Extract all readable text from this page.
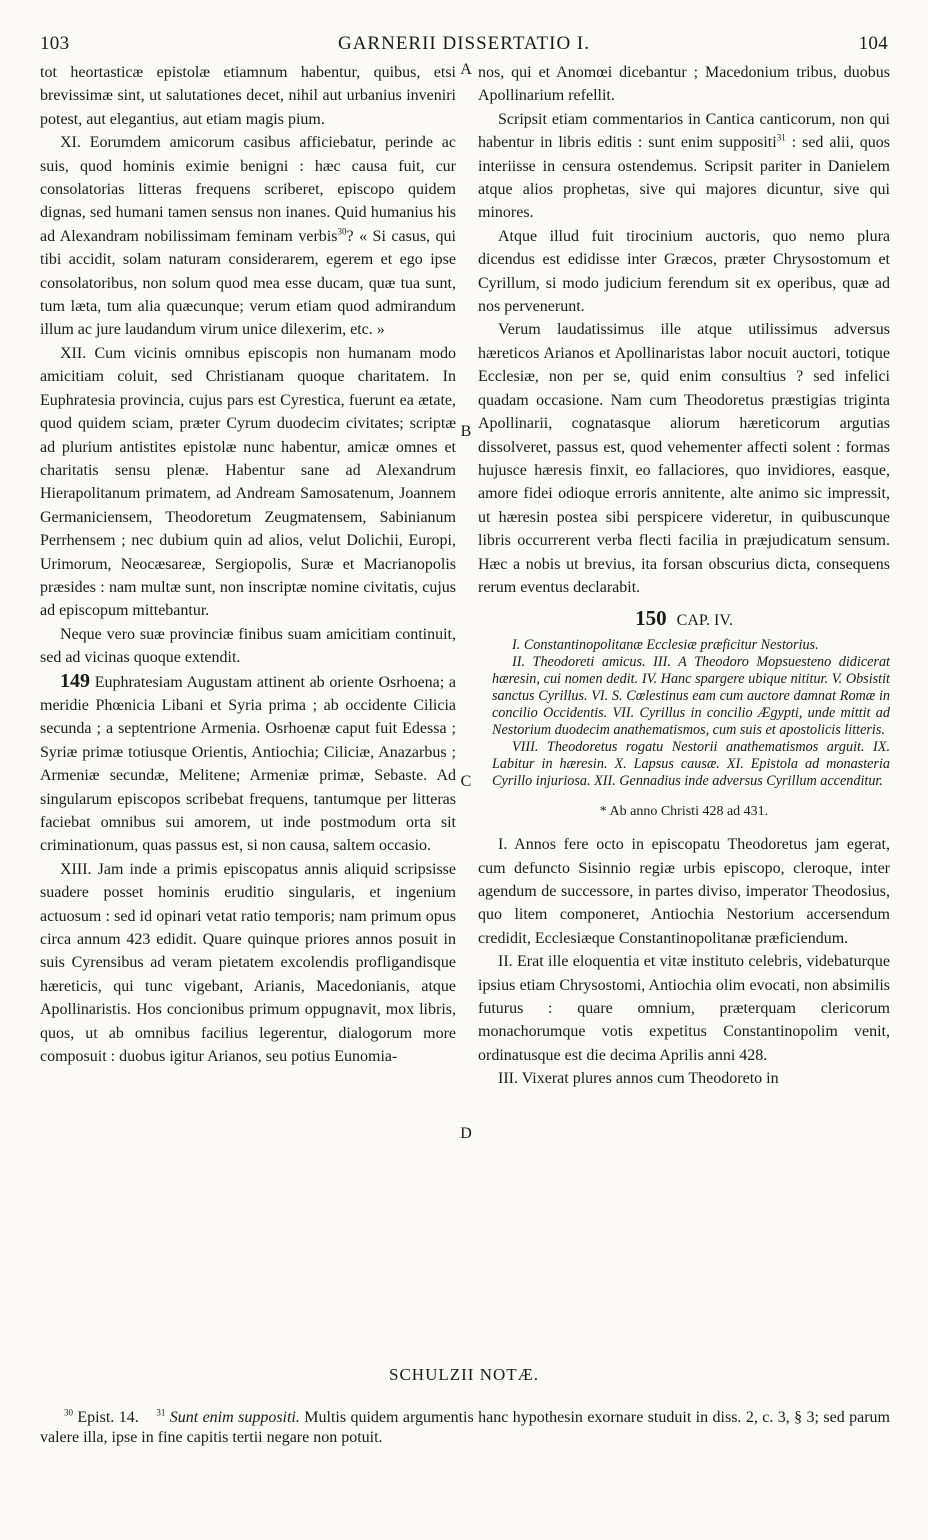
103	GARNERII DISSERTATIO I.	104

tot heortasticæ epistolæ etiamnum habentur, quibus, etsi brevissimæ sint, ut salutationes decet, nihil aut urbanius inveniri potest, aut elegantius, aut etiam magis pium.

XI. Eorumdem amicorum casibus afficiebatur, perinde ac suis, quod hominis eximie benigni : hæc causa fuit, cur consolatorias litteras frequens scriberet, episcopo quidem dignas, sed humani tamen sensus non inanes. Quid humanius his ad Alexandram nobilissimam feminam verbis$^{30}$? « Si casus, qui tibi accidit, solam naturam considerarem, egerem et ego ipse consolatoribus, non solum quod mea esse ducam, quæ tua sunt, tum læta, tum alia quæcunque; verum etiam quod admirandum illum ac jure laudandum virum unice dilexerim, etc. »

XII. Cum vicinis omnibus episcopis non humanam modo amicitiam coluit, sed Christianam quoque charitatem. In Euphratesia provincia, cujus pars est Cyrestica, fuerunt ea ætate, quod quidem sciam, præter Cyrum duodecim civitates; scriptæ ad plurium antistites epistolæ nunc habentur, amicæ omnes et charitatis sensu plenæ. Habentur sane ad Alexandrum Hierapolitanum primatem, ad Andream Samosatenum, Joannem Germaniciensem, Theodoretum Zeugmatensem, Sabinianum Perrhensem ; nec dubium quin ad alios, velut Dolichii, Europi, Urimorum, Neocæsareæ, Sergiopolis, Suræ et Macrianopolis præsides : nam multæ sunt, non inscriptæ nomine civitatis, cujus ad episcopum mittebantur.

Neque vero suæ provinciæ finibus suam amicitiam continuit, sed ad vicinas quoque extendit.

149 Euphratesiam Augustam attinent ab oriente Osrhoena; a meridie Phœnicia Libani et Syria prima ; ab occidente Cilicia secunda ; a septentrione Armenia. Osrhoenæ caput fuit Edessa ; Syriæ primæ totiusque Orientis, Antiochia; Ciliciæ, Anazarbus ; Armeniæ secundæ, Melitene; Armeniæ primæ, Sebaste. Ad singularum episcopos scribebat frequens, tantumque per litteras faciebat omnibus sui amorem, ut inde postmodum orta sit criminationum, quas passus est, si non causa, saltem occasio.

XIII. Jam inde a primis episcopatus annis aliquid scripsisse suadere posset hominis eruditio singularis, et ingenium actuosum : sed id opinari vetat ratio temporis; nam primum opus circa annum 423 edidit. Quare quinque priores annos posuit in suis Cyrensibus ad veram pietatem excolendis profligandisque hæreticis, qui tunc vigebant, Arianis, Macedonianis, atque Apollinaristis. Hos concionibus primum oppugnavit, mox libris, quos, ut ab omnibus facilius legerentur, dialogorum more composuit : duobus igitur Arianos, seu potius Eunomia-

A
B
C
D

nos, qui et Anomœi dicebantur ; Macedonium tribus, duobus Apollinarium refellit.

Scripsit etiam commentarios in Cantica canticorum, non qui habentur in libris editis : sunt enim suppositi$^{31}$ : sed alii, quos interiisse in censura ostendemus. Scripsit pariter in Danielem atque alios prophetas, sive qui majores dicuntur, sive qui minores.

Atque illud fuit tirocinium auctoris, quo nemo plura dicendus est edidisse inter Græcos, præter Chrysostomum et Cyrillum, si modo judicium ferendum sit ex operibus, quæ ad nos pervenerunt.

Verum laudatissimus ille atque utilissimus adversus hæreticos Arianos et Apollinaristas labor nocuit auctori, totique Ecclesiæ, non per se, quid enim consultius ? sed infelici quadam occasione. Nam cum Theodoretus præstigias triginta Apollinarii, cognatasque aliorum hæreticorum argutias dissolveret, passus est, quod vehementer affecti solent : formas hujusce hæresis finxit, eo fallaciores, quo invidiores, easque, amore fidei odioque erroris annitente, alte animo sic impressit, ut hæresin postea sibi perspicere videretur, in quibuscunque libris occurrerent verba flecti facilia in præjudicatum sensum. Hæc a nobis ut brevius, ita forsan obscurius dicta, consequens rerum eventus declarabit.

150 CAP. IV.

I. Constantinopolitanæ Ecclesiæ præficitur Nestorius.

II. Theodoreti amicus. III. A Theodoro Mopsuesteno didicerat hæresin, cui nomen dedit. IV. Hanc spargere ubique nititur. V. Obsistit sanctus Cyrillus. VI. S. Cœlestinus eam cum auctore damnat Romæ in concilio Occidentis. VII. Cyrillus in concilio Ægypti, unde mittit ad Nestorium duodecim anathematismos, cum suis et apostolicis litteris.

VIII. Theodoretus rogatu Nestorii anathematismos arguit. IX. Labitur in hæresin. X. Lapsus causæ. XI. Epistola ad monasteria Cyrillo injuriosa. XII. Gennadius inde adversus Cyrillum accenditur.

* Ab anno Christi 428 ad 431.

I. Annos fere octo in episcopatu Theodoretus jam egerat, cum defuncto Sisinnio regiæ urbis episcopo, cleroque, inter agendum de successore, in partes diviso, imperator Theodosius, quo litem componeret, Antiochia Nestorium accersendum credidit, Ecclesiæque Constantinopolitanæ præficiendum.

II. Erat ille eloquentia et vitæ instituto celebris, videbaturque ipsius etiam Chrysostomi, Antiochia olim evocati, non absimilis futurus : quare omnium, præterquam clericorum monachorumque votis expetitus Constantinopolim venit, ordinatusque est die decima Aprilis anni 428.

III. Vixerat plures annos cum Theodoreto in

SCHULZII NOTÆ.

$^{30}$ Epist. 14. $^{31}$ Sunt enim suppositi. Multis quidem argumentis hanc hypothesin exornare studuit in diss. 2, c. 3, § 3; sed parum valere illa, ipse in fine capitis tertii negare non potuit.
